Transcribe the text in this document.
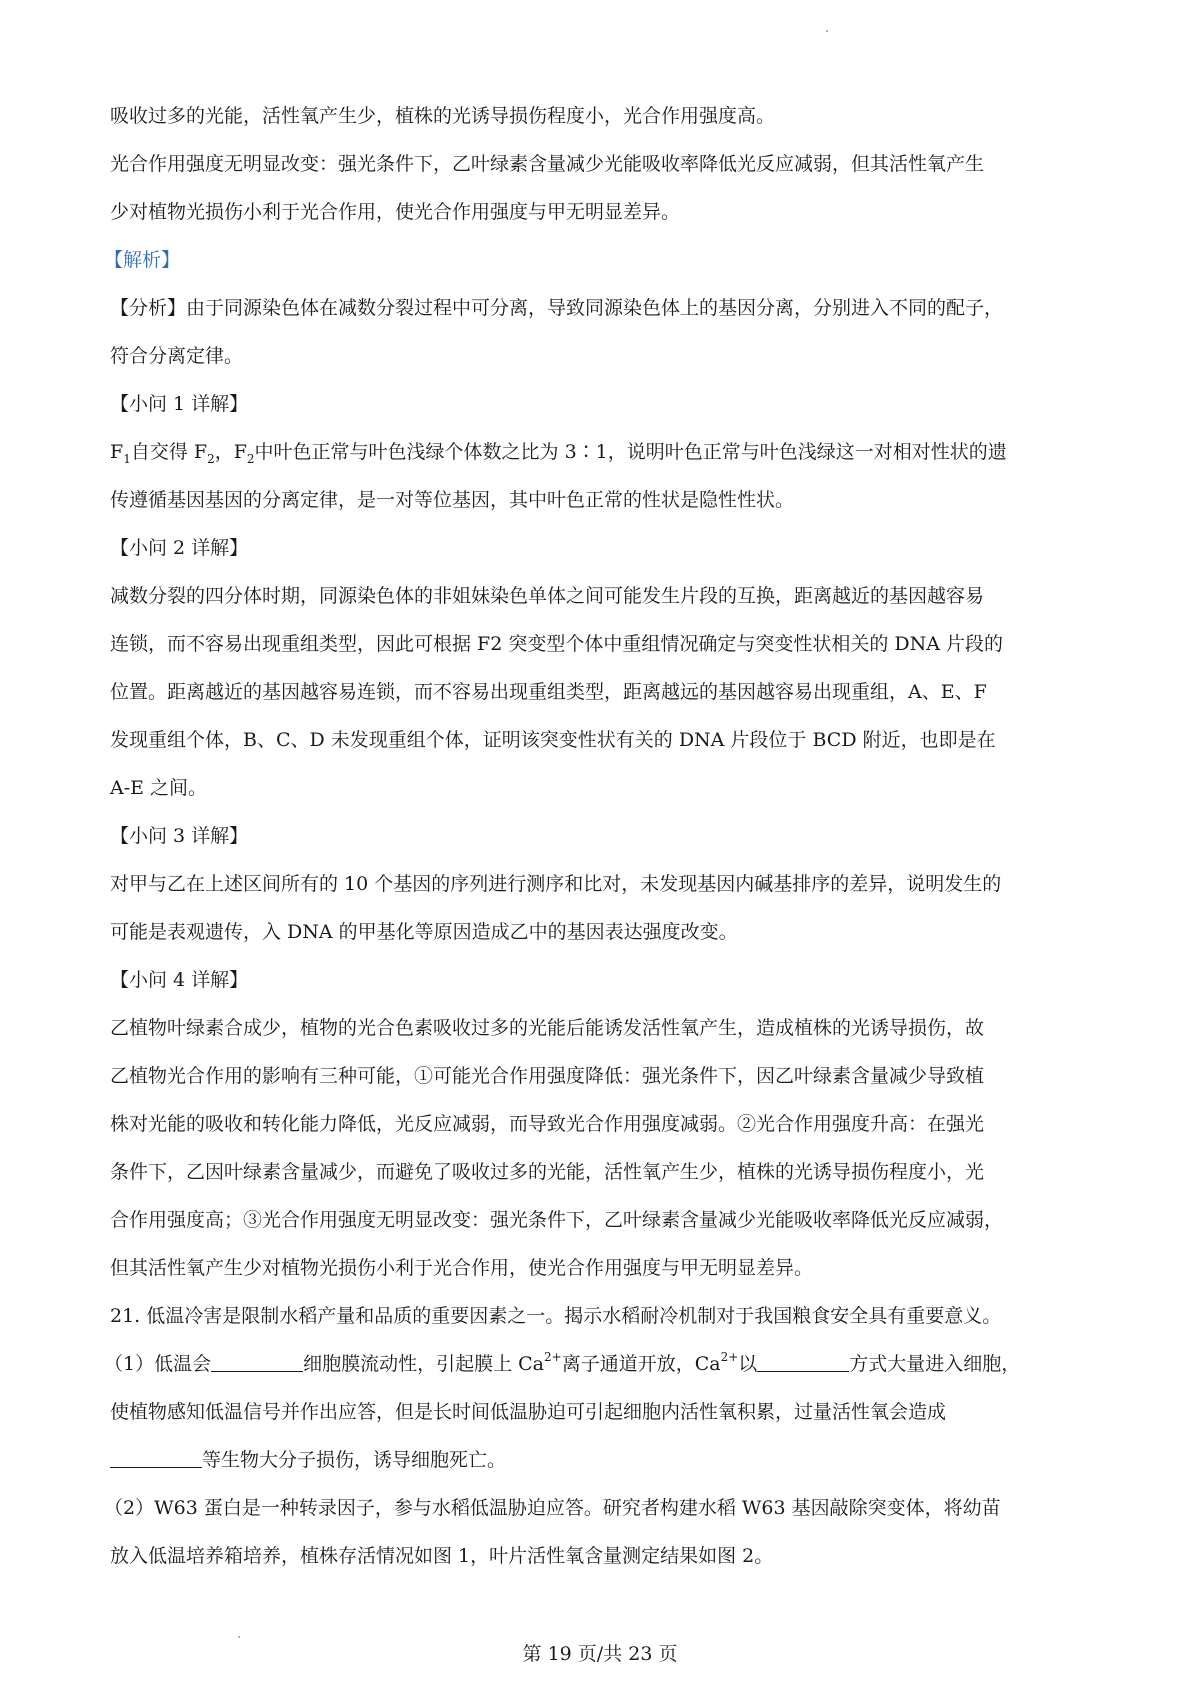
吸收过多的光能，活性氧产生少，植株的光诱导损伤程度小，光合作用强度高。
光合作用强度无明显改变：强光条件下，乙叶绿素含量减少光能吸收率降低光反应减弱，但其活性氧产生
少对植物光损伤小利于光合作用，使光合作用强度与甲无明显差异。
【解析】
【分析】由于同源染色体在减数分裂过程中可分离，导致同源染色体上的基因分离，分别进入不同的配子，
符合分离定律。
【小问 1 详解】
$F_1$自交得 $F_2$，$F_2$中叶色正常与叶色浅绿个体数之比为 3∶1，说明叶色正常与叶色浅绿这一对相对性状的遗
传遵循基因基因的分离定律，是一对等位基因，其中叶色正常的性状是隐性性状。
【小问 2 详解】
减数分裂的四分体时期，同源染色体的非姐妹染色单体之间可能发生片段的互换，距离越近的基因越容易
连锁，而不容易出现重组类型，因此可根据 F2 突变型个体中重组情况确定与突变性状相关的 DNA 片段的
位置。距离越近的基因越容易连锁，而不容易出现重组类型，距离越远的基因越容易出现重组，A、E、F
发现重组个体，B、C、D 未发现重组个体，证明该突变性状有关的 DNA 片段位于 BCD 附近，也即是在
A-E 之间。
【小问 3 详解】
对甲与乙在上述区间所有的 10 个基因的序列进行测序和比对，未发现基因内碱基排序的差异，说明发生的
可能是表观遗传，入 DNA 的甲基化等原因造成乙中的基因表达强度改变。
【小问 4 详解】
乙植物叶绿素合成少，植物的光合色素吸收过多的光能后能诱发活性氧产生，造成植株的光诱导损伤，故
乙植物光合作用的影响有三种可能，①可能光合作用强度降低：强光条件下，因乙叶绿素含量减少导致植
株对光能的吸收和转化能力降低，光反应减弱，而导致光合作用强度减弱。②光合作用强度升高：在强光
条件下，乙因叶绿素含量减少，而避免了吸收过多的光能，活性氧产生少，植株的光诱导损伤程度小，光
合作用强度高；③光合作用强度无明显改变：强光条件下，乙叶绿素含量减少光能吸收率降低光反应减弱，
但其活性氧产生少对植物光损伤小利于光合作用，使光合作用强度与甲无明显差异。
21. 低温冷害是限制水稻产量和品质的重要因素之一。揭示水稻耐冷机制对于我国粮食安全具有重要意义。
（1）低温会	细胞膜流动性，引起膜上 $Ca^{2+}$离子通道开放，$Ca^{2+}$以	方式大量进入细胞，
使植物感知低温信号并作出应答，但是长时间低温胁迫可引起细胞内活性氧积累，过量活性氧会造成
等生物大分子损伤，诱导细胞死亡。
（2）W63 蛋白是一种转录因子，参与水稻低温胁迫应答。研究者构建水稻 W63 基因敲除突变体，将幼苗
放入低温培养箱培养，植株存活情况如图 1，叶片活性氧含量测定结果如图 2。
第 19 页/共 23 页
